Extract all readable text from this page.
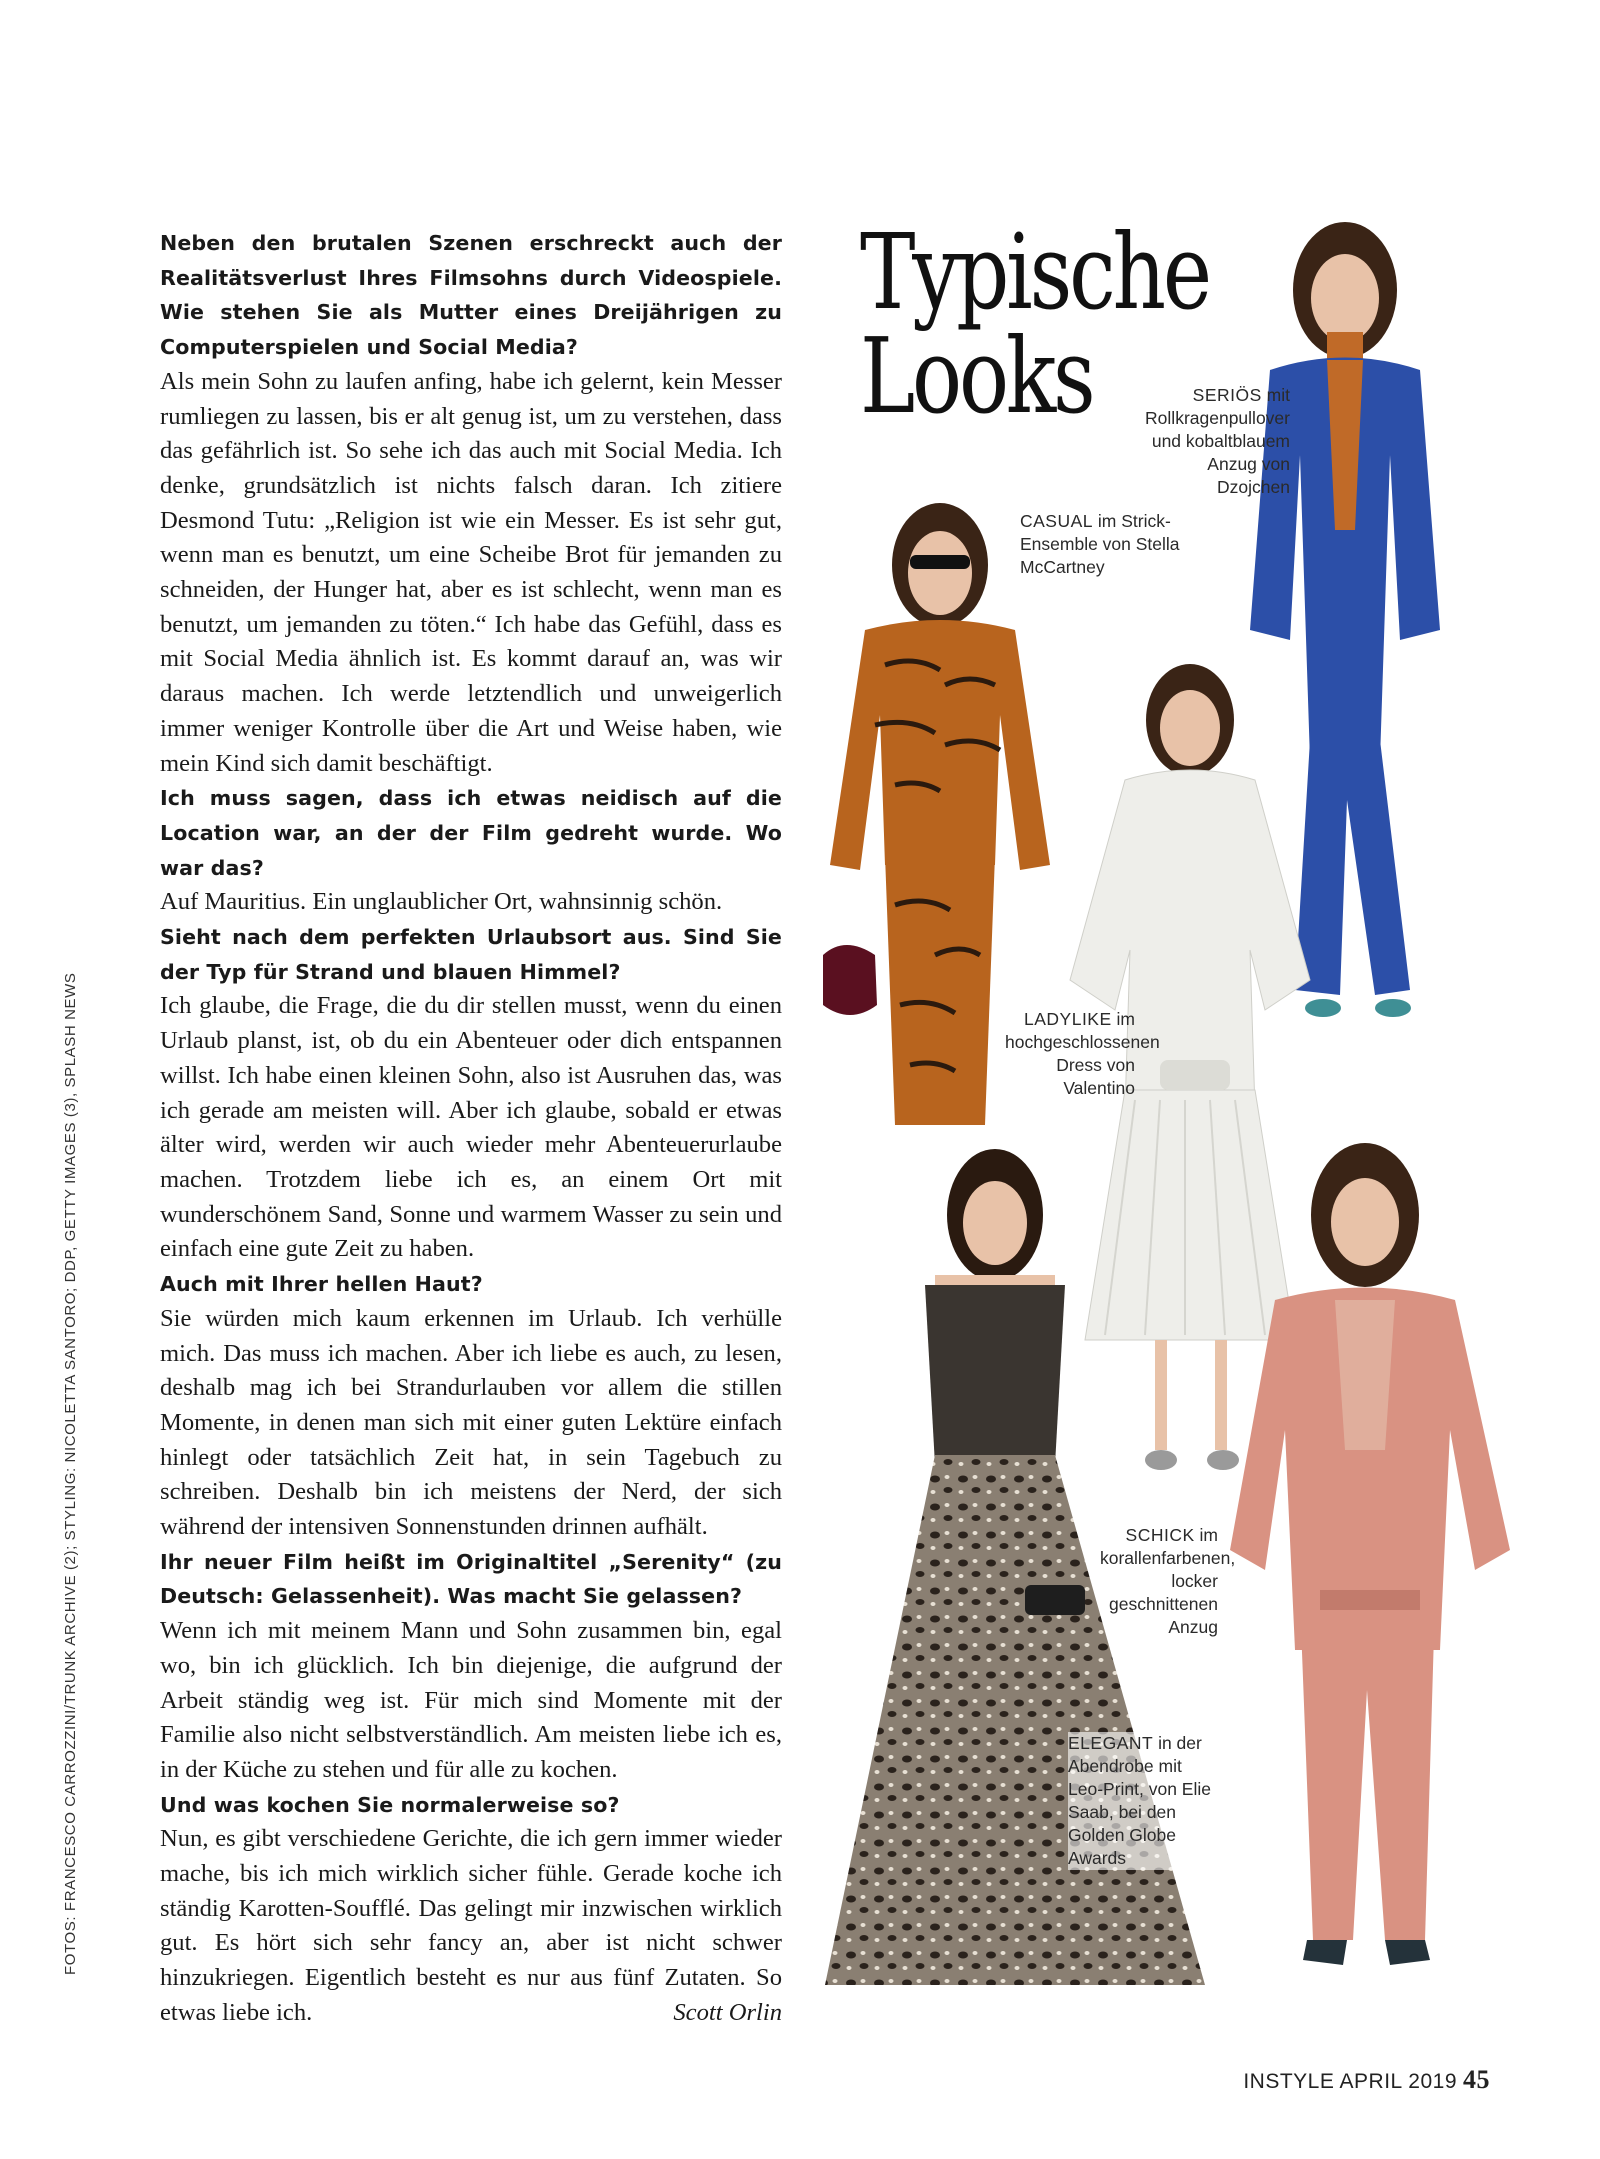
FOTOS: FRANCESCO CARROZZINI/TRUNK ARCHIVE (2); STYLING: NICOLETTA SANTORO; DDP, GETTY IMAGES (3), SPLASH NEWS

Neben den brutalen Szenen erschreckt auch der Realitätsverlust Ihres Filmsohns durch Videospiele. Wie stehen Sie als Mutter eines Dreijährigen zu Computerspielen und Social Media?

Als mein Sohn zu laufen anfing, habe ich gelernt, kein Messer rumliegen zu lassen, bis er alt genug ist, um zu verstehen, dass das gefährlich ist. So sehe ich das auch mit Social Media. Ich denke, grundsätzlich ist nichts falsch daran. Ich zitiere Desmond Tutu: „Religion ist wie ein Messer. Es ist sehr gut, wenn man es benutzt, um eine Scheibe Brot für jemanden zu schneiden, der Hunger hat, aber es ist schlecht, wenn man es benutzt, um jemanden zu töten.“ Ich habe das Gefühl, dass es mit Social Media ähnlich ist. Es kommt darauf an, was wir daraus machen. Ich werde letztendlich und unweigerlich immer weniger Kontrolle über die Art und Weise haben, wie mein Kind sich damit beschäftigt.

Ich muss sagen, dass ich etwas neidisch auf die Location war, an der der Film gedreht wurde. Wo war das?

Auf Mauritius. Ein unglaublicher Ort, wahnsinnig schön.

Sieht nach dem perfekten Urlaubsort aus. Sind Sie der Typ für Strand und blauen Himmel?

Ich glaube, die Frage, die du dir stellen musst, wenn du einen Urlaub planst, ist, ob du ein Abenteuer oder dich entspannen willst. Ich habe einen kleinen Sohn, also ist Ausruhen das, was ich gerade am meisten will. Aber ich glaube, sobald er etwas älter wird, werden wir auch wieder mehr Abenteuerurlaube machen. Trotzdem liebe ich es, an einem Ort mit wunderschönem Sand, Sonne und warmem Wasser zu sein und einfach eine gute Zeit zu haben.

Auch mit Ihrer hellen Haut?

Sie würden mich kaum erkennen im Urlaub. Ich verhülle mich. Das muss ich machen. Aber ich liebe es auch, zu lesen, deshalb mag ich bei Strandurlauben vor allem die stillen Momente, in denen man sich mit einer guten Lektüre einfach hinlegt oder tatsächlich Zeit hat, in sein Tagebuch zu schreiben. Deshalb bin ich meistens der Nerd, der sich während der intensiven Sonnenstunden drinnen aufhält.

Ihr neuer Film heißt im Originaltitel „Serenity“ (zu Deutsch: Gelassenheit). Was macht Sie gelassen?

Wenn ich mit meinem Mann und Sohn zusammen bin, egal wo, bin ich glücklich. Ich bin diejenige, die aufgrund der Arbeit ständig weg ist. Für mich sind Momente mit der Familie also nicht selbstverständlich. Am meisten liebe ich es, in der Küche zu stehen und für alle zu kochen.

Und was kochen Sie normalerweise so?

Nun, es gibt verschiedene Gerichte, die ich gern immer wieder mache, bis ich mich wirklich sicher fühle. Gerade koche ich ständig Karotten-Soufflé. Das gelingt mir inzwischen wirklich gut. Es hört sich sehr fancy an, aber ist nicht schwer hinzukriegen. Eigentlich besteht es nur aus fünf Zutaten. So etwas liebe ich.	Scott Orlin

Typische
Looks	SERIÖS mit Rollkragenpullover und kobaltblauem Anzug von Dzojchen
CASUAL im Strick-Ensemble von Stella McCartney
LADYLIKE im hochgeschlossenen Dress von Valentino
SCHICK im korallenfarbenen, locker geschnittenen Anzug
ELEGANT in der Abendrobe mit Leo-Print, von Elie Saab, bei den Golden Globe Awards
INSTYLE APRIL 2019 45
